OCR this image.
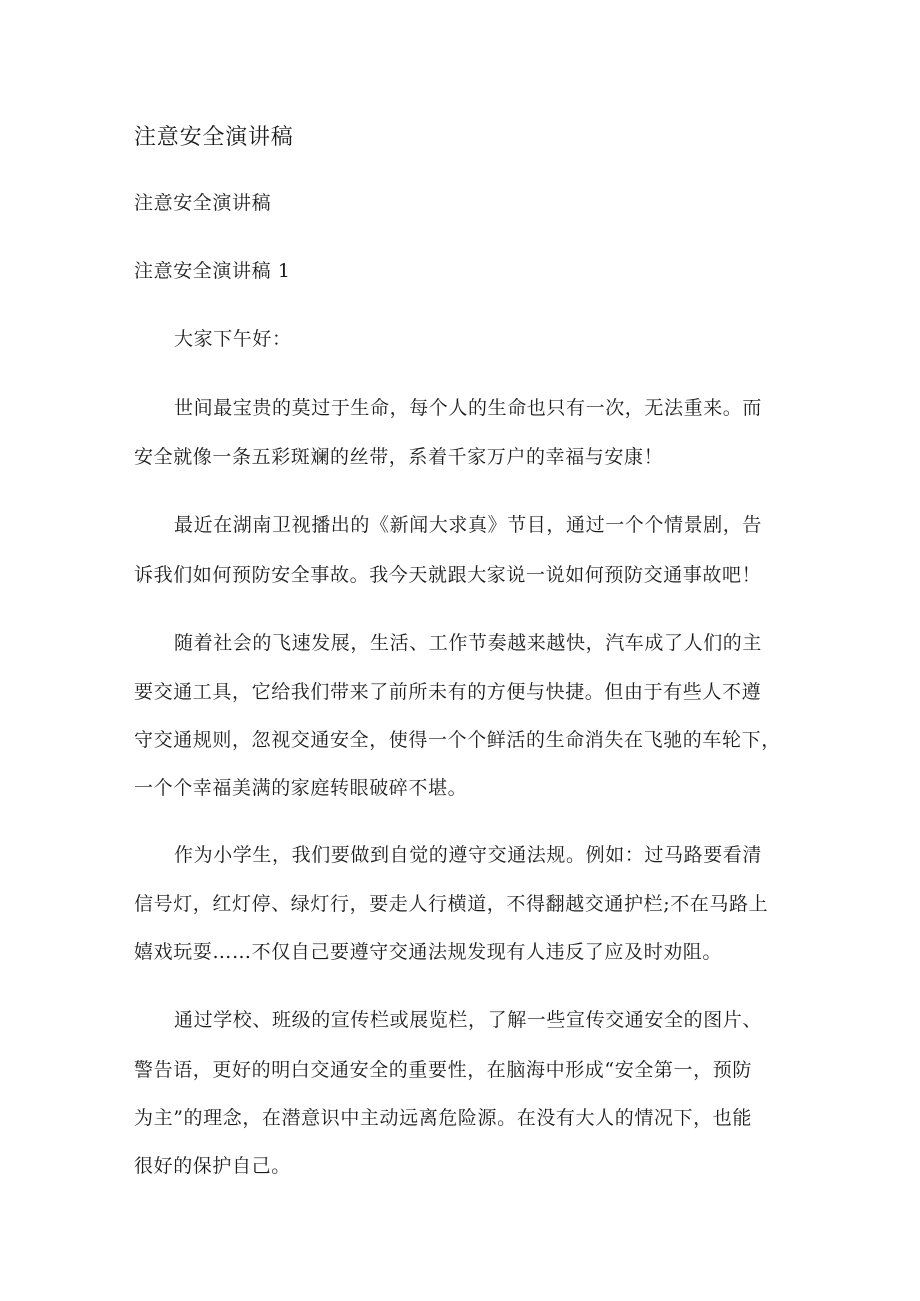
注意安全演讲稿
注意安全演讲稿
注意安全演讲稿 1
大家下午好：
世间最宝贵的莫过于生命，每个人的生命也只有一次，无法重来。而
安全就像一条五彩斑斓的丝带，系着千家万户的幸福与安康！
最近在湖南卫视播出的《新闻大求真》节目，通过一个个情景剧，告
诉我们如何预防安全事故。我今天就跟大家说一说如何预防交通事故吧！
随着社会的飞速发展，生活、工作节奏越来越快，汽车成了人们的主
要交通工具，它给我们带来了前所未有的方便与快捷。但由于有些人不遵
守交通规则，忽视交通安全，使得一个个鲜活的生命消失在飞驰的车轮下，
一个个幸福美满的家庭转眼破碎不堪。
作为小学生，我们要做到自觉的遵守交通法规。例如：过马路要看清
信号灯，红灯停、绿灯行，要走人行横道，不得翻越交通护栏;不在马路上
嬉戏玩耍……不仅自己要遵守交通法规发现有人违反了应及时劝阻。
通过学校、班级的宣传栏或展览栏，了解一些宣传交通安全的图片、
警告语，更好的明白交通安全的重要性，在脑海中形成“安全第一，预防
为主”的理念，在潜意识中主动远离危险源。在没有大人的情况下，也能
很好的保护自己。
